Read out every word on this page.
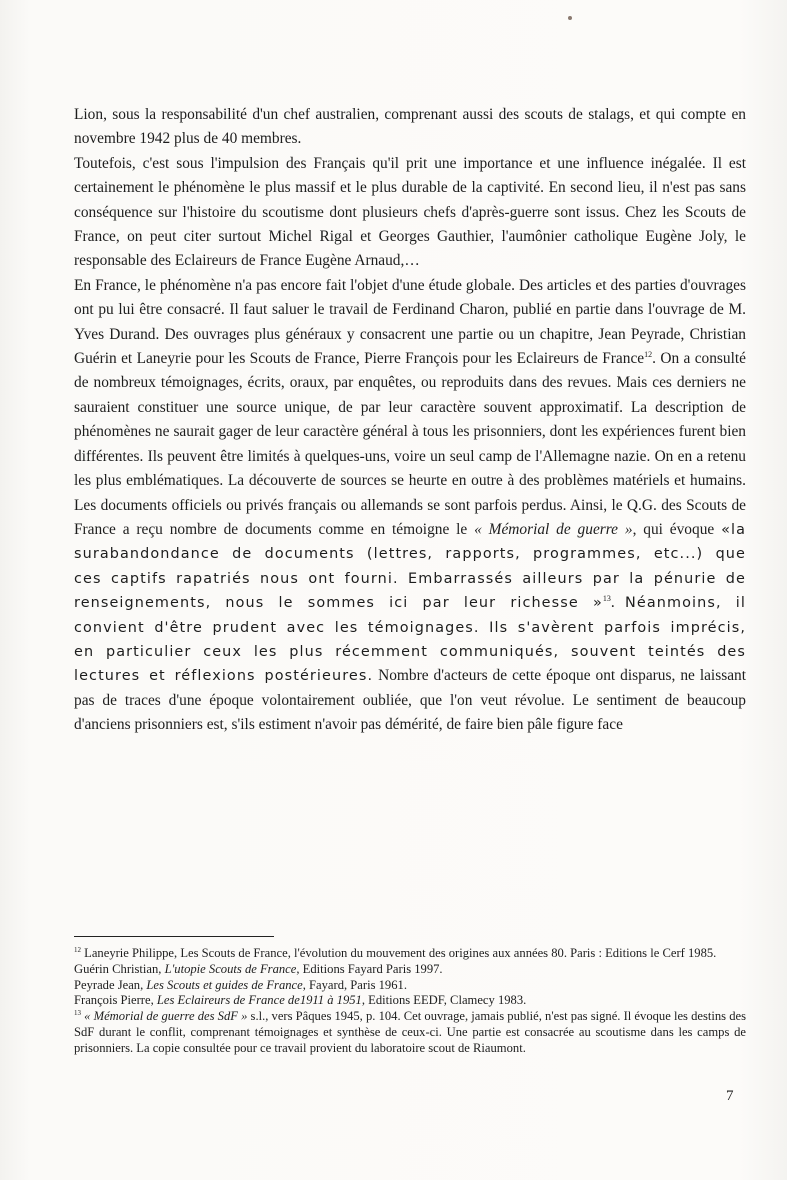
Lion, sous la responsabilité d'un chef australien, comprenant aussi des scouts de stalags, et qui compte en novembre 1942 plus de 40 membres.

Toutefois, c'est sous l'impulsion des Français qu'il prit une importance et une influence inégalée. Il est certainement le phénomène le plus massif et le plus durable de la captivité. En second lieu, il n'est pas sans conséquence sur l'histoire du scoutisme dont plusieurs chefs d'après-guerre sont issus. Chez les Scouts de France, on peut citer surtout Michel Rigal et Georges Gauthier, l'aumônier catholique Eugène Joly, le responsable des Eclaireurs de France Eugène Arnaud,…

En France, le phénomène n'a pas encore fait l'objet d'une étude globale. Des articles et des parties d'ouvrages ont pu lui être consacré. Il faut saluer le travail de Ferdinand Charon, publié en partie dans l'ouvrage de M. Yves Durand. Des ouvrages plus généraux y consacrent une partie ou un chapitre, Jean Peyrade, Christian Guérin et Laneyrie pour les Scouts de France, Pierre François pour les Eclaireurs de France$^{12}$. On a consulté de nombreux témoignages, écrits, oraux, par enquêtes, ou reproduits dans des revues. Mais ces derniers ne sauraient constituer une source unique, de par leur caractère souvent approximatif. La description de phénomènes ne saurait gager de leur caractère général à tous les prisonniers, dont les expériences furent bien différentes. Ils peuvent être limités à quelques-uns, voire un seul camp de l'Allemagne nazie. On en a retenu les plus emblématiques. La découverte de sources se heurte en outre à des problèmes matériels et humains. Les documents officiels ou privés français ou allemands se sont parfois perdus. Ainsi, le Q.G. des Scouts de France a reçu nombre de documents comme en témoigne le « Mémorial de guerre », qui évoque «la surabandondance de documents (lettres, rapports, programmes, etc...) que ces captifs rapatriés nous ont fourni. Embarrassés ailleurs par la pénurie de renseignements, nous le sommes ici par leur richesse »$^{13}$. Néanmoins, il convient d'être prudent avec les témoignages. Ils s'avèrent parfois imprécis, en particulier ceux les plus récemment communiqués, souvent teintés des lectures et réflexions postérieures. Nombre d'acteurs de cette époque ont disparus, ne laissant pas de traces d'une époque volontairement oubliée, que l'on veut révolue. Le sentiment de beaucoup d'anciens prisonniers est, s'ils estiment n'avoir pas démérité, de faire bien pâle figure face

$^{12}$ Laneyrie Philippe, Les Scouts de France, l'évolution du mouvement des origines aux années 80. Paris : Editions le Cerf 1985.

Guérin Christian, L'utopie Scouts de France, Editions Fayard Paris 1997.

Peyrade Jean, Les Scouts et guides de France, Fayard, Paris 1961.

François Pierre, Les Eclaireurs de France de1911 à 1951, Editions EEDF, Clamecy 1983.

$^{13}$ « Mémorial de guerre des SdF » s.l., vers Pâques 1945, p. 104. Cet ouvrage, jamais publié, n'est pas signé. Il évoque les destins des SdF durant le conflit, comprenant témoignages et synthèse de ceux-ci. Une partie est consacrée au scoutisme dans les camps de prisonniers. La copie consultée pour ce travail provient du laboratoire scout de Riaumont.

7
